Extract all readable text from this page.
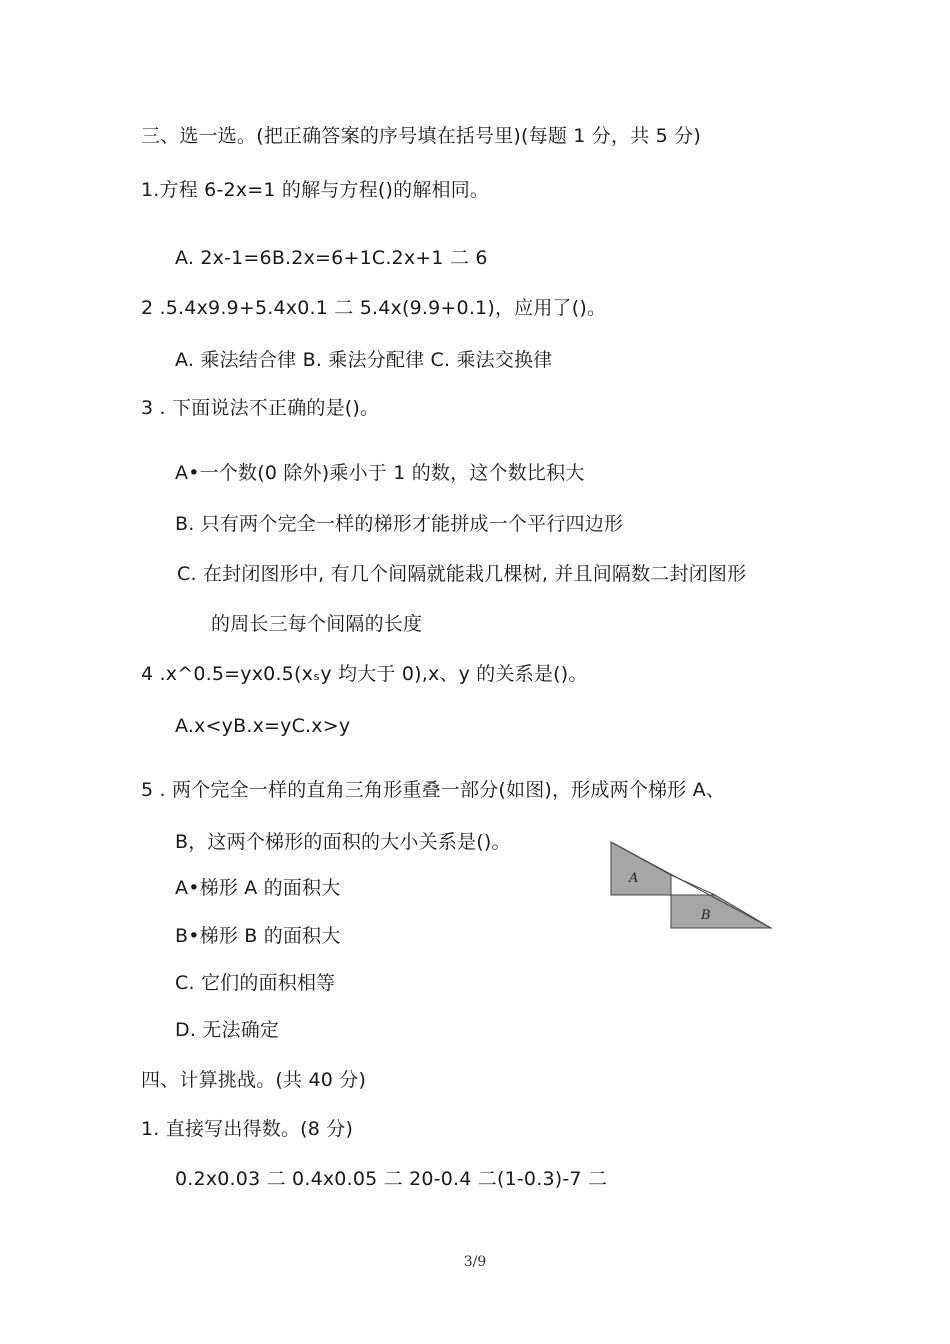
三、选一选。(把正确答案的序号填在括号里)(每题 1 分，共 5 分)
1.方程 6-2x=1 的解与方程()的解相同。
A. 2x-1=6B.2x=6+1C.2x+1 二 6
2 .5.4x9.9+5.4x0.1 二 5.4x(9.9+0.1)，应用了()。
A. 乘法结合律 B. 乘法分配律 C. 乘法交换律
3 . 下面说法不正确的是()。
A•一个数(0 除外)乘小于 1 的数，这个数比积大
B. 只有两个完全一样的梯形才能拼成一个平行四边形
C. 在封闭图形中, 有几个间隔就能栽几棵树, 并且间隔数二封闭图形
的周长三每个间隔的长度
4 .x^0.5=yx0.5(xₛy 均大于 0),x、y 的关系是()。
A.x<yB.x=yC.x>y
5 . 两个完全一样的直角三角形重叠一部分(如图)，形成两个梯形 A、
B，这两个梯形的面积的大小关系是()。
A
B
A•梯形 A 的面积大
B•梯形 B 的面积大
C. 它们的面积相等
D. 无法确定
四、计算挑战。(共 40 分)
1. 直接写出得数。(8 分)
0.2x0.03 二 0.4x0.05 二 20-0.4 二(1-0.3)-7 二
3/9
